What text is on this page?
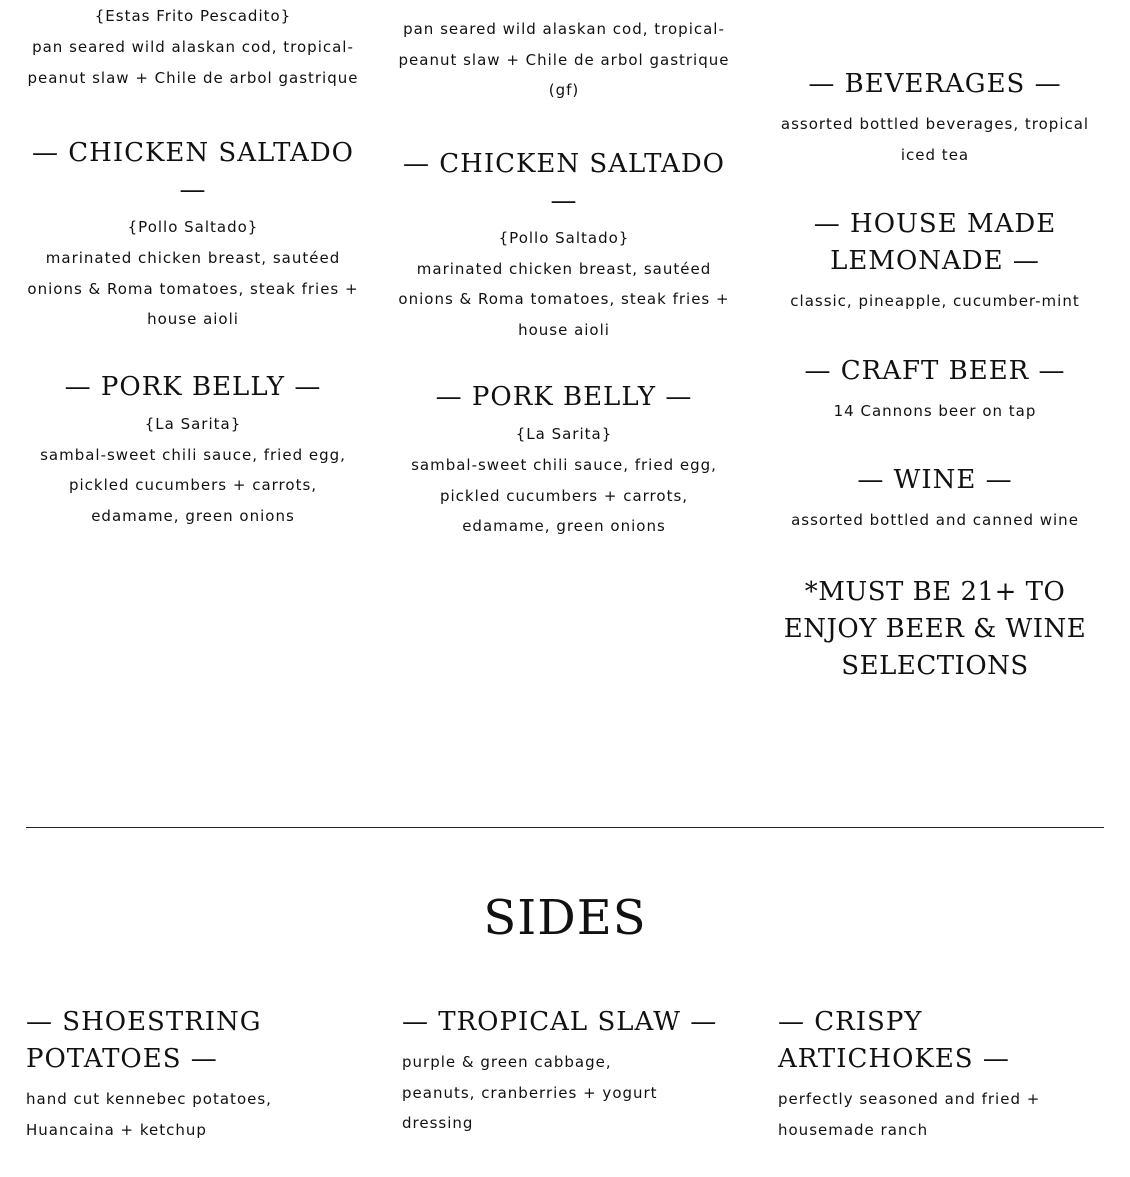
{Estas Frito Pescadito}
pan seared wild alaskan cod, tropical-peanut slaw + Chile de arbol gastrique
— CHICKEN SALTADO —
{Pollo Saltado}
marinated chicken breast, sautéed onions & Roma tomatoes, steak fries + house aioli
— PORK BELLY —
{La Sarita}
sambal-sweet chili sauce, fried egg, pickled cucumbers + carrots, edamame, green onions
pan seared wild alaskan cod, tropical-peanut slaw + Chile de arbol gastrique (gf)
— CHICKEN SALTADO —
{Pollo Saltado}
marinated chicken breast, sautéed onions & Roma tomatoes, steak fries + house aioli
— PORK BELLY —
{La Sarita}
sambal-sweet chili sauce, fried egg, pickled cucumbers + carrots, edamame, green onions
— BEVERAGES —
assorted bottled beverages, tropical iced tea
— HOUSE MADE LEMONADE —
classic, pineapple, cucumber-mint
— CRAFT BEER —
14 Cannons beer on tap
— WINE —
assorted bottled and canned wine
*MUST BE 21+ TO ENJOY BEER & WINE SELECTIONS
SIDES
— SHOESTRING POTATOES —
hand cut kennebec potatoes, Huancaina + ketchup
— TROPICAL SLAW —
purple & green cabbage, peanuts, cranberries + yogurt dressing
— CRISPY ARTICHOKES —
perfectly seasoned and fried + housemade ranch
